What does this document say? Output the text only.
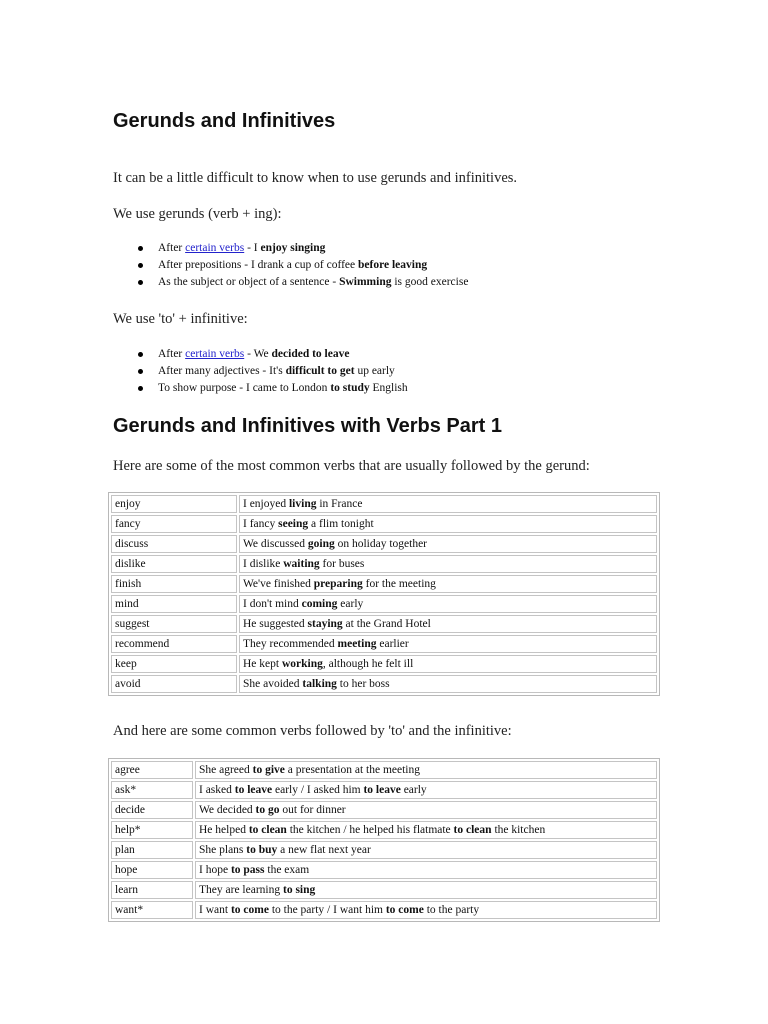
Gerunds and Infinitives

It can be a little difficult to know when to use gerunds and infinitives.

We use gerunds (verb + ing):

After certain verbs - I enjoy singing
After prepositions - I drank a cup of coffee before leaving
As the subject or object of a sentence - Swimming is good exercise

We use 'to' + infinitive:

After certain verbs - We decided to leave
After many adjectives - It's difficult to get up early
To show purpose - I came to London to study English
Gerunds and Infinitives with Verbs Part 1

Here are some of the most common verbs that are usually followed by the gerund:

enjoy	I enjoyed living in France
fancy	I fancy seeing a flim tonight
discuss	We discussed going on holiday together
dislike	I dislike waiting for buses
finish	We've finished preparing for the meeting
mind	I don't mind coming early
suggest	He suggested staying at the Grand Hotel
recommend	They recommended meeting earlier
keep	He kept working, although he felt ill
avoid	She avoided talking to her boss

And here are some common verbs followed by 'to' and the infinitive:

agree	She agreed to give a presentation at the meeting
ask*	I asked to leave early / I asked him to leave early
decide	We decided to go out for dinner
help*	He helped to clean the kitchen / he helped his flatmate to clean the kitchen
plan	She plans to buy a new flat next year
hope	I hope to pass the exam
learn	They are learning to sing
want*	I want to come to the party / I want him to come to the party
